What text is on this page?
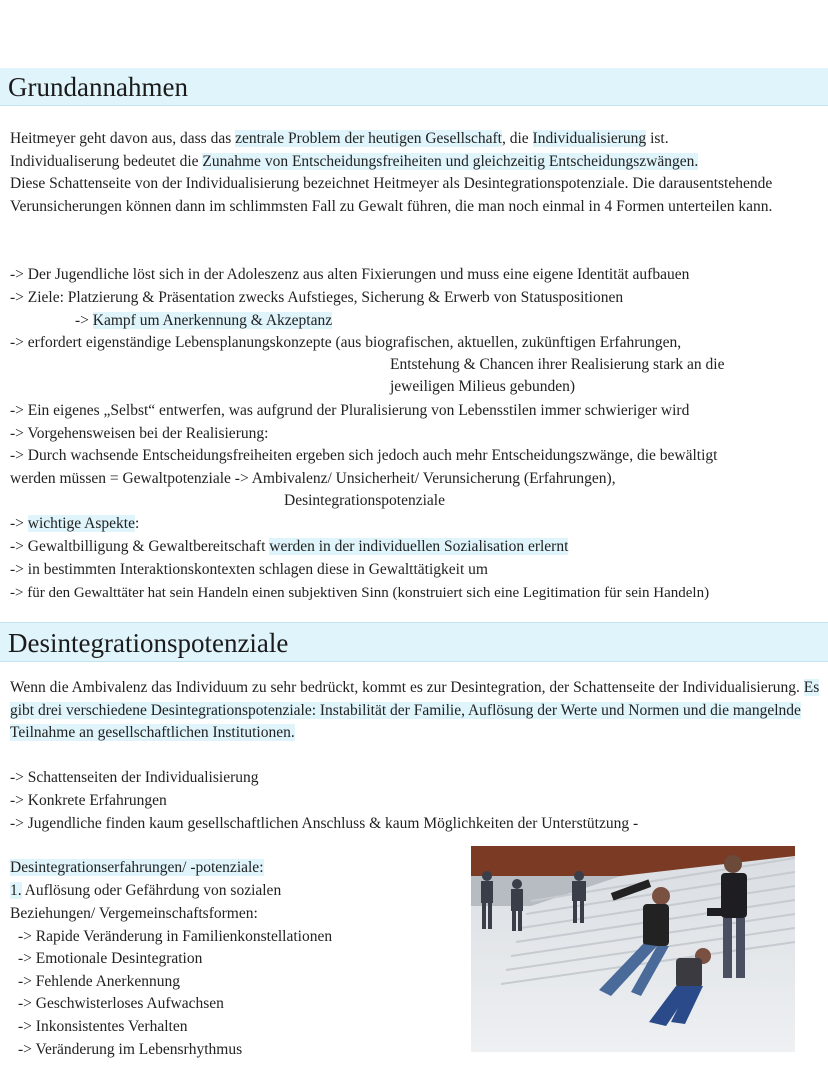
Grundannahmen
Heitmeyer geht davon aus, dass das zentrale Problem der heutigen Gesellschaft, die Individualisierung ist.
Individualiserung bedeutet die Zunahme von Entscheidungsfreiheiten und gleichzeitig Entscheidungszwängen.
Diese Schattenseite von der Individualisierung bezeichnet Heitmeyer als Desintegrationspotenziale. Die darausentstehende Verunsicherungen können dann im schlimmsten Fall zu Gewalt führen, die man noch einmal in 4 Formen unterteilen kann.
-> Der Jugendliche löst sich in der Adoleszenz aus alten Fixierungen und muss eine eigene Identität aufbauen
-> Ziele: Platzierung & Präsentation zwecks Aufstieges, Sicherung & Erwerb von Statuspositionen
-> Kampf um Anerkennung & Akzeptanz
-> erfordert eigenständige Lebensplanungskonzepte (aus biografischen, aktuellen, zukünftigen Erfahrungen,
Entstehung & Chancen ihrer Realisierung stark an die
jeweiligen Milieus gebunden)
-> Ein eigenes „Selbst“ entwerfen, was aufgrund der Pluralisierung von Lebensstilen immer schwieriger wird
-> Vorgehensweisen bei der Realisierung:
-> Durch wachsende Entscheidungsfreiheiten ergeben sich jedoch auch mehr Entscheidungszwänge, die bewältigt
werden müssen = Gewaltpotenziale -> Ambivalenz/ Unsicherheit/ Verunsicherung (Erfahrungen),
Desintegrationspotenziale
-> wichtige Aspekte:
-> Gewaltbilligung & Gewaltbereitschaft werden in der individuellen Sozialisation erlernt
-> in bestimmten Interaktionskontexten schlagen diese in Gewalttätigkeit um
-> für den Gewalttäter hat sein Handeln einen subjektiven Sinn (konstruiert sich eine Legitimation für sein Handeln)
Desintegrationspotenziale
Wenn die Ambivalenz das Individuum zu sehr bedrückt, kommt es zur Desintegration, der Schattenseite der Individualisierung. Es gibt drei verschiedene Desintegrationspotenziale: Instabilität der Familie, Auflösung der Werte und Normen und die mangelnde Teilnahme an gesellschaftlichen Institutionen.
-> Schattenseiten der Individualisierung
-> Konkrete Erfahrungen
-> Jugendliche finden kaum gesellschaftlichen Anschluss & kaum Möglichkeiten der Unterstützung -
Desintegrationserfahrungen/ -potenziale:
1. Auflösung oder Gefährdung von sozialen
Beziehungen/ Vergemeinschaftsformen:
-> Rapide Veränderung in Familienkonstellationen
-> Emotionale Desintegration
-> Fehlende Anerkennung
-> Geschwisterloses Aufwachsen
-> Inkonsistentes Verhalten
-> Veränderung im Lebensrhythmus
